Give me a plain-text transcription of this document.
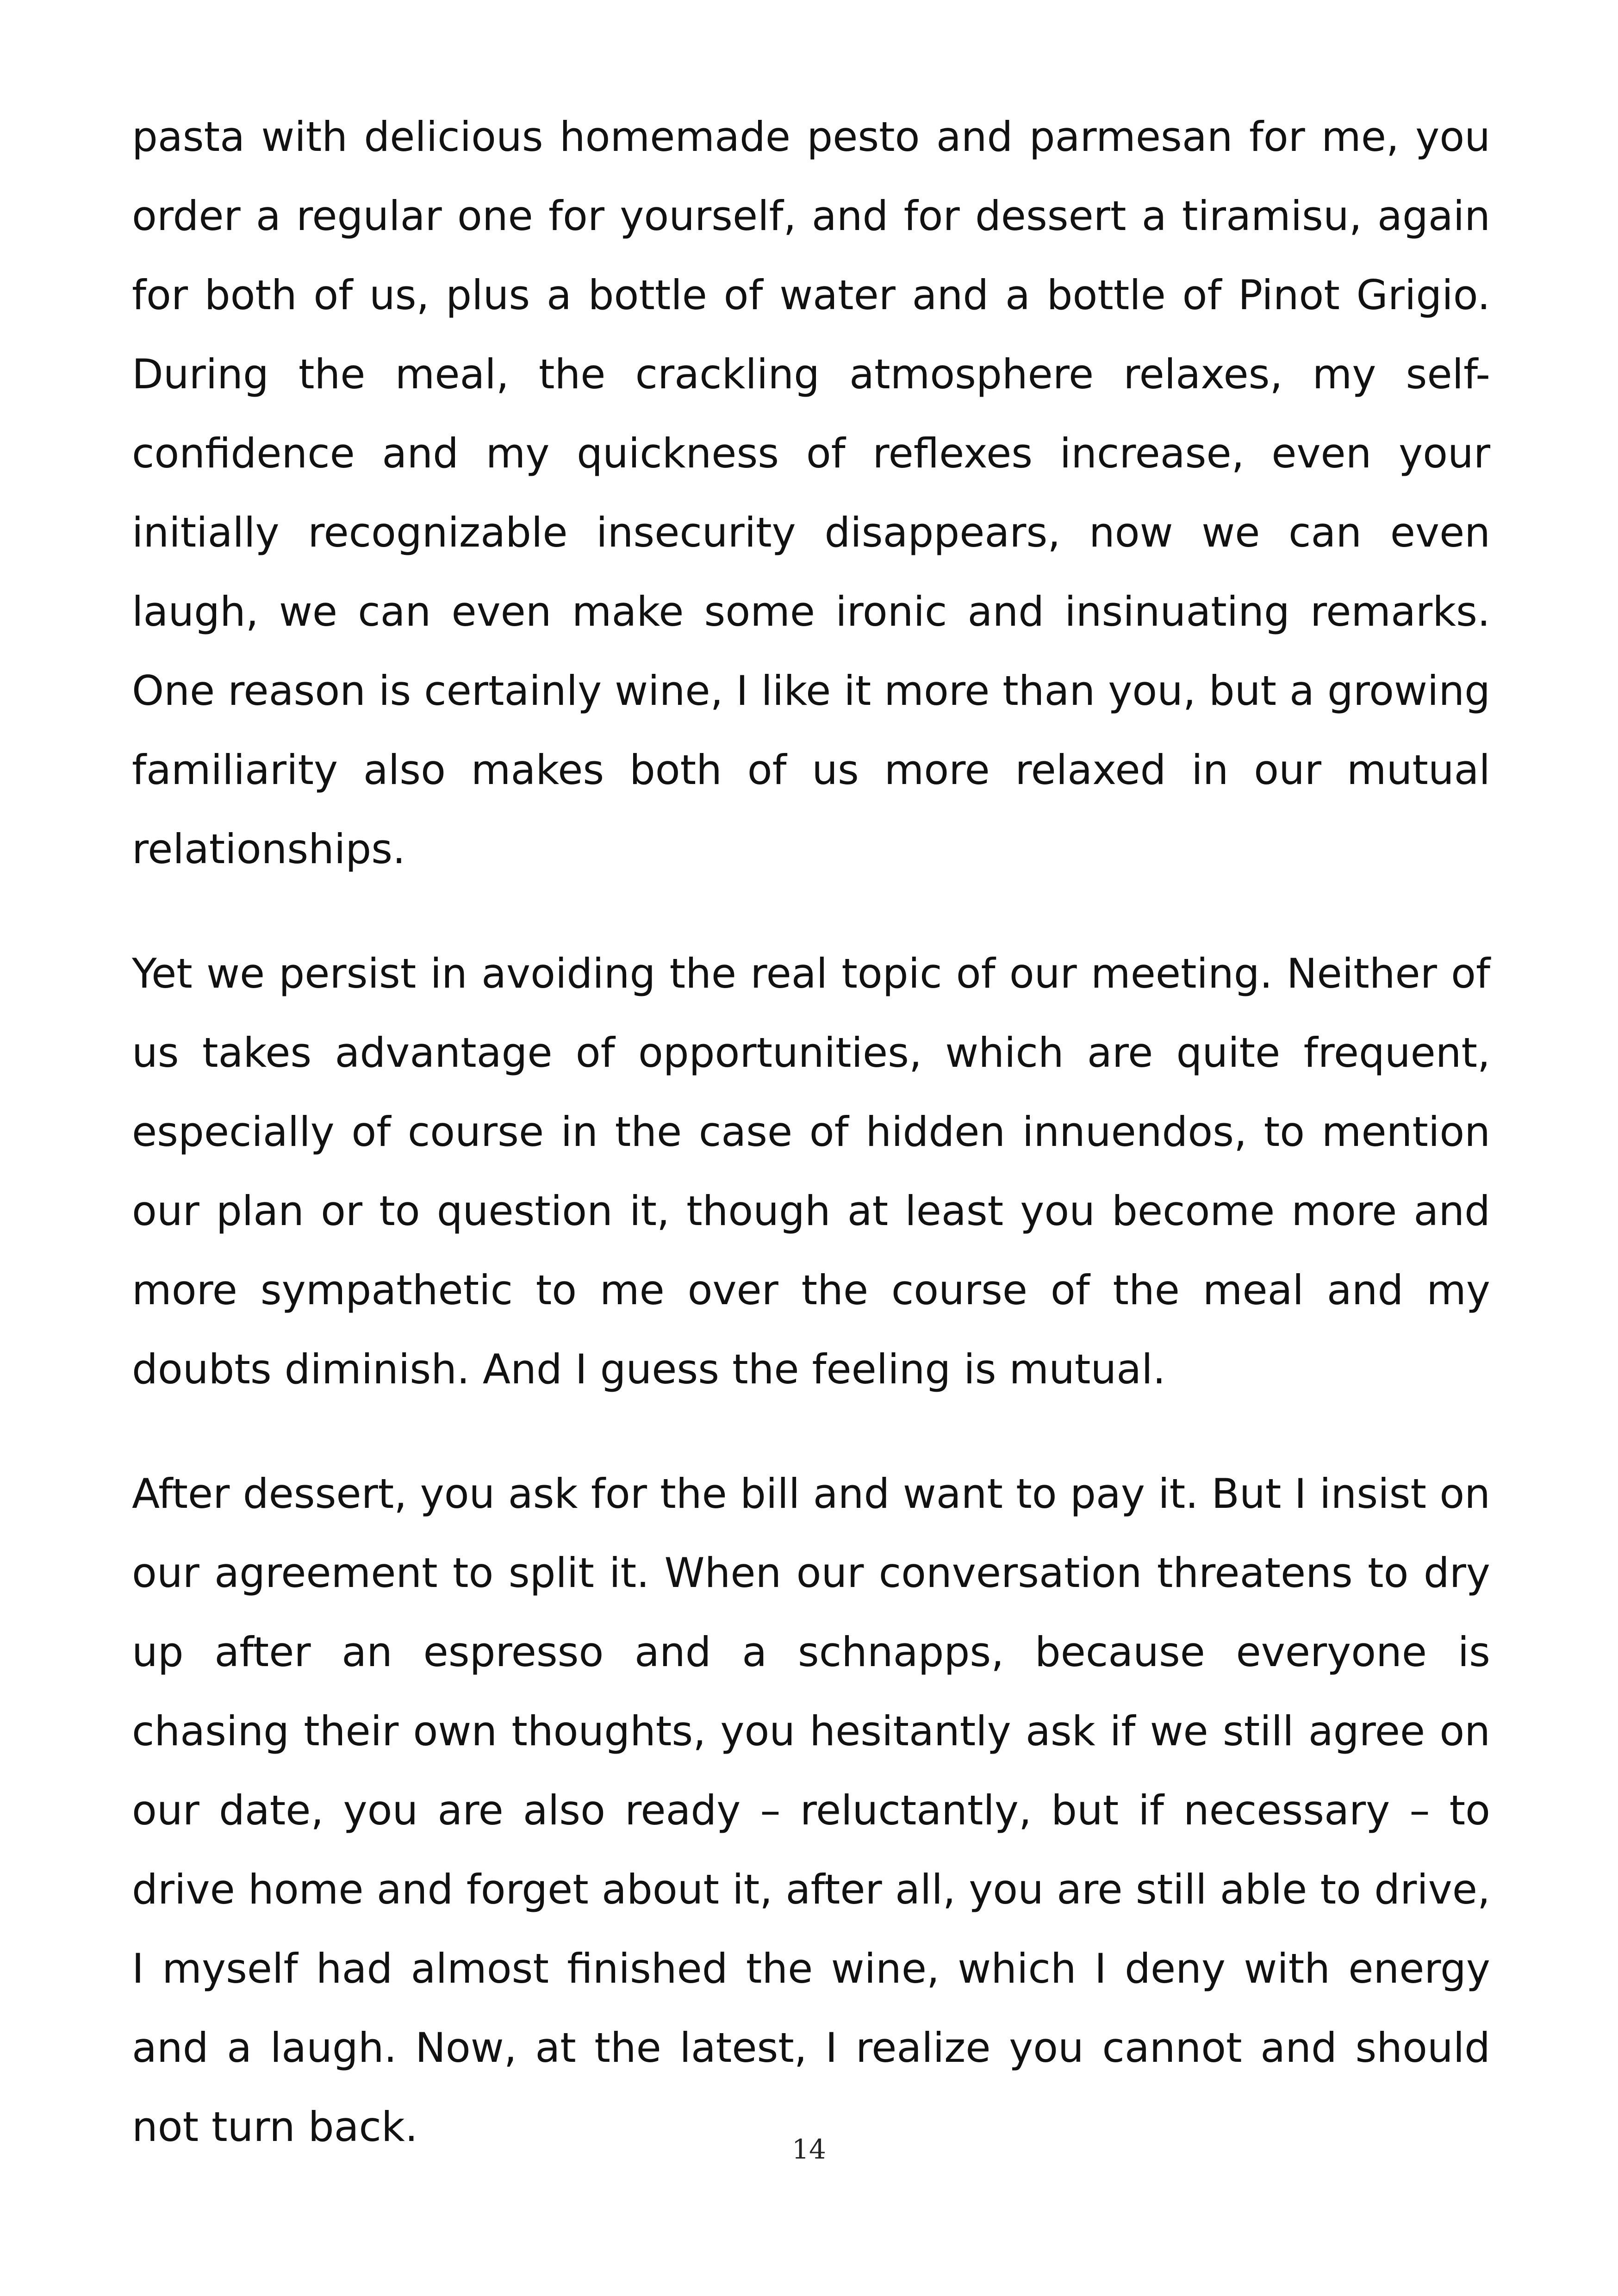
pasta with delicious homemade pesto and parmesan for me, you order a regular one for yourself, and for dessert a tiramisu, again for both of us, plus a bottle of water and a bottle of Pinot Grigio. During the meal, the crackling atmosphere relaxes, my self-confidence and my quickness of reflexes increase, even your initially recognizable insecurity disappears, now we can even laugh, we can even make some ironic and insinuating remarks. One reason is certainly wine, I like it more than you, but a growing familiarity also makes both of us more relaxed in our mutual relationships.

Yet we persist in avoiding the real topic of our meeting. Neither of us takes advantage of opportunities, which are quite frequent, especially of course in the case of hidden innuendos, to mention our plan or to question it, though at least you become more and more sympathetic to me over the course of the meal and my doubts diminish. And I guess the feeling is mutual.

After dessert, you ask for the bill and want to pay it. But I insist on our agreement to split it. When our conversation threatens to dry up after an espresso and a schnapps, because everyone is chasing their own thoughts, you hesitantly ask if we still agree on our date, you are also ready – reluctantly, but if necessary – to drive home and forget about it, after all, you are still able to drive, I myself had almost finished the wine, which I deny with energy and a laugh. Now, at the latest, I realize you cannot and should not turn back.	14
